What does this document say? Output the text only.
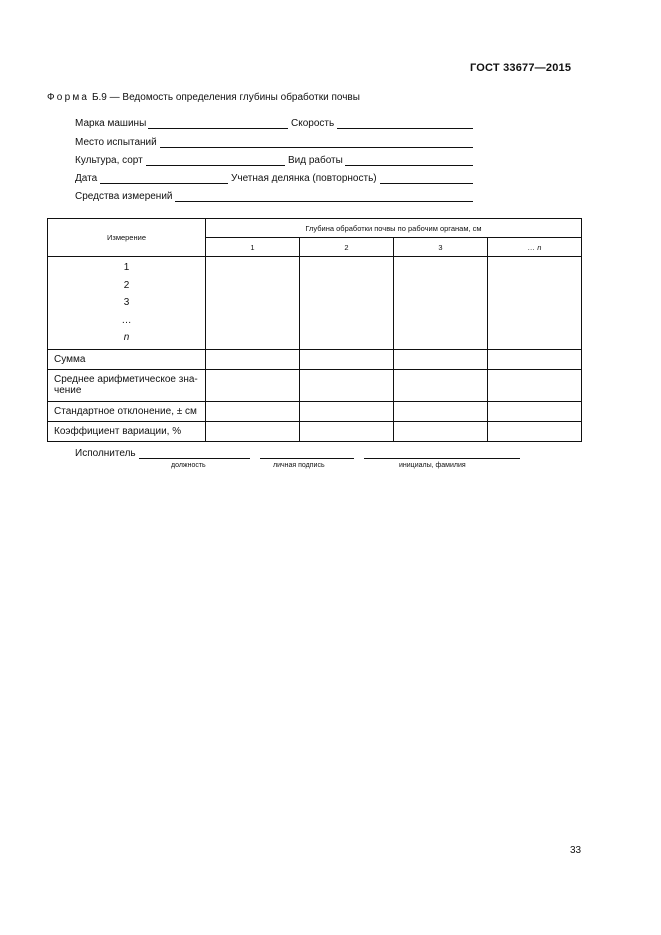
ГОСТ 33677—2015
Форма Б.9 — Ведомость определения глубины обработки почвы
Марка машины	Скорость
Место испытаний
Культура, сорт	Вид работы
Дата	Учетная делянка (повторность)
Средства измерений
Измерение	Глубина обработки почвы по рабочим органам, см			
	1	2	3	… n

1
2
3
…
n				

Сумма				
Среднее арифметическое зна-чение				
Стандартное отклонение, ± см				
Коэффициент вариации, %				
Исполнитель
должность	личная подпись	инициалы, фамилия
33
